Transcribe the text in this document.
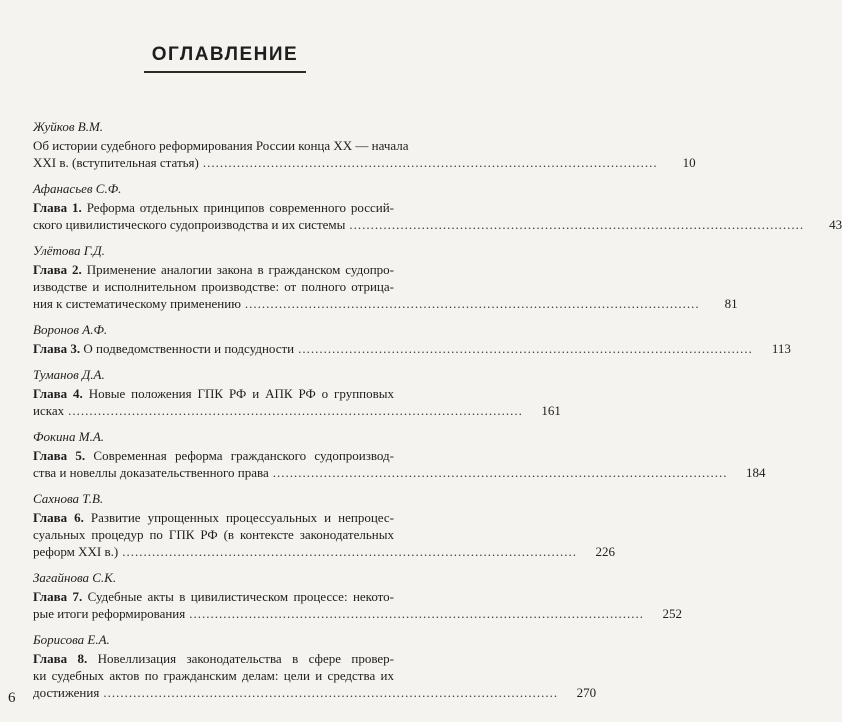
ОГЛАВЛЕНИЕ
Жуйков В.М.
Об истории судебного реформирования России конца XX — начала
XXI в. (вступительная статья) ...........................................................................................................	10
Афанасьев С.Ф.
Глава 1. Реформа отдельных принципов современного россий-
ского цивилистического судопроизводства и их системы ...........................................................................................................	43
Улётова Г.Д.
Глава 2. Применение аналогии закона в гражданском судопро-
изводстве и исполнительном производстве: от полного отрица-
ния к систематическому применению ...........................................................................................................	81
Воронов А.Ф.
Глава 3. О подведомственности и подсудности ...........................................................................................................	113
Туманов Д.А.
Глава 4. Новые положения ГПК РФ и АПК РФ о групповых
исках ...........................................................................................................	161
Фокина М.А.
Глава 5. Современная реформа гражданского судопроизвод-
ства и новеллы доказательственного права ...........................................................................................................	184
Сахнова Т.В.
Глава 6. Развитие упрощенных процессуальных и непроцес-
суальных процедур по ГПК РФ (в контексте законодательных
реформ XXI в.) ...........................................................................................................	226
Загайнова С.К.
Глава 7. Судебные акты в цивилистическом процессе: некото-
рые итоги реформирования ...........................................................................................................	252
Борисова Е.А.
Глава 8. Новеллизация законодательства в сфере провер-
ки судебных актов по гражданским делам: цели и средства их
достижения ...........................................................................................................	270
6
